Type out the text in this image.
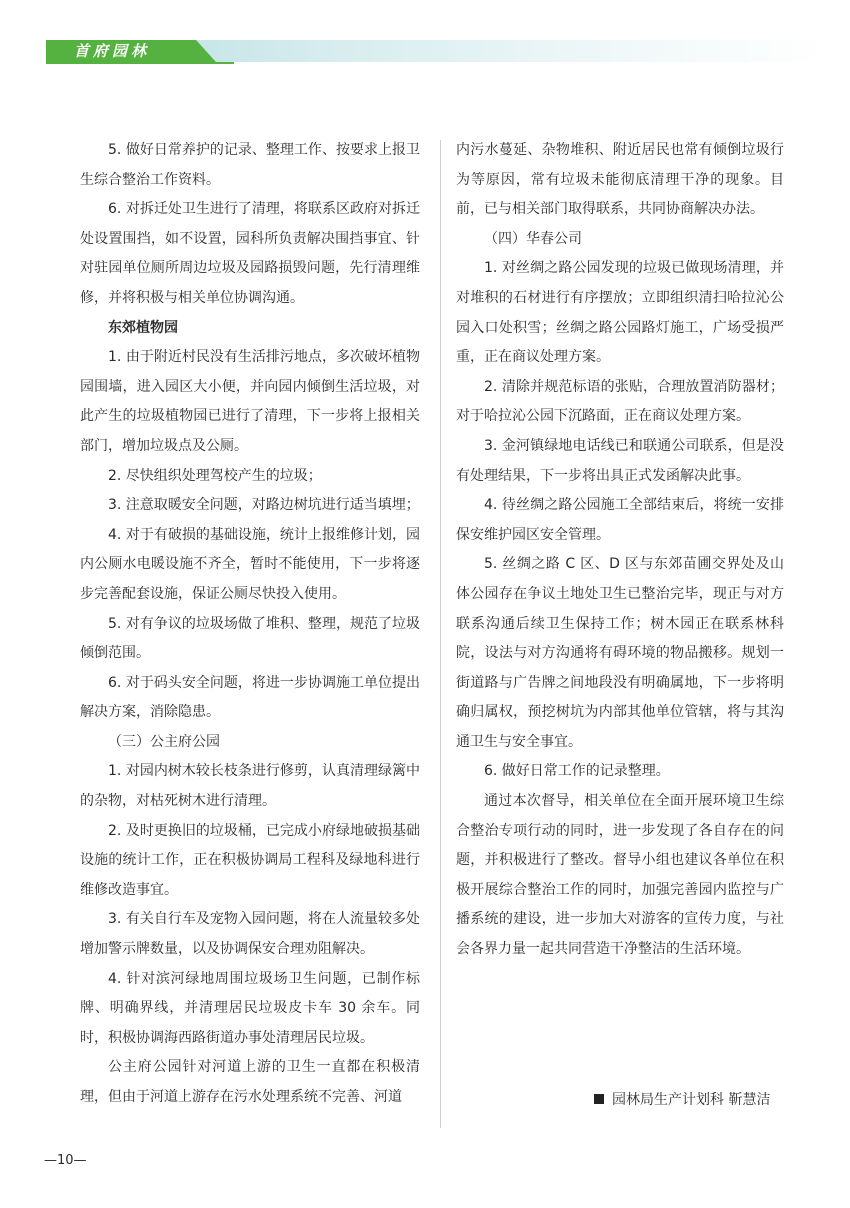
首府园林

5. 做好日常养护的记录、整理工作、按要求上报卫生综合整治工作资料。

6. 对拆迁处卫生进行了清理，将联系区政府对拆迁处设置围挡，如不设置，园科所负责解决围挡事宜、针对驻园单位厕所周边垃圾及园路损毁问题，先行清理维修，并将积极与相关单位协调沟通。

东郊植物园

1. 由于附近村民没有生活排污地点，多次破坏植物园围墙，进入园区大小便，并向园内倾倒生活垃圾，对此产生的垃圾植物园已进行了清理，下一步将上报相关部门，增加垃圾点及公厕。

2. 尽快组织处理驾校产生的垃圾；

3. 注意取暖安全问题，对路边树坑进行适当填埋；

4. 对于有破损的基础设施，统计上报维修计划，园内公厕水电暖设施不齐全，暂时不能使用，下一步将逐步完善配套设施，保证公厕尽快投入使用。

5. 对有争议的垃圾场做了堆积、整理，规范了垃圾倾倒范围。

6. 对于码头安全问题，将进一步协调施工单位提出解决方案，消除隐患。

（三）公主府公园

1. 对园内树木较长枝条进行修剪，认真清理绿篱中的杂物，对枯死树木进行清理。

2. 及时更换旧的垃圾桶，已完成小府绿地破损基础设施的统计工作，正在积极协调局工程科及绿地科进行维修改造事宜。

3. 有关自行车及宠物入园问题，将在人流量较多处增加警示牌数量，以及协调保安合理劝阻解决。

4. 针对滨河绿地周围垃圾场卫生问题，已制作标牌、明确界线，并清理居民垃圾皮卡车 30 余车。同时，积极协调海西路街道办事处清理居民垃圾。

公主府公园针对河道上游的卫生一直都在积极清理，但由于河道上游存在污水处理系统不完善、河道

内污水蔓延、杂物堆积、附近居民也常有倾倒垃圾行为等原因，常有垃圾未能彻底清理干净的现象。目前，已与相关部门取得联系，共同协商解决办法。

（四）华春公司

1. 对丝绸之路公园发现的垃圾已做现场清理，并对堆积的石材进行有序摆放；立即组织清扫哈拉沁公园入口处积雪；丝绸之路公园路灯施工，广场受损严重，正在商议处理方案。

2. 清除并规范标语的张贴，合理放置消防器材；对于哈拉沁公园下沉路面，正在商议处理方案。

3. 金河镇绿地电话线已和联通公司联系，但是没有处理结果，下一步将出具正式发函解决此事。

4. 待丝绸之路公园施工全部结束后，将统一安排保安维护园区安全管理。

5. 丝绸之路 C 区、D 区与东郊苗圃交界处及山体公园存在争议土地处卫生已整治完毕，现正与对方联系沟通后续卫生保持工作；树木园正在联系林科院，设法与对方沟通将有碍环境的物品搬移。规划一街道路与广告牌之间地段没有明确属地，下一步将明确归属权，预挖树坑为内部其他单位管辖，将与其沟通卫生与安全事宜。

6. 做好日常工作的记录整理。

通过本次督导，相关单位在全面开展环境卫生综合整治专项行动的同时，进一步发现了各自存在的问题，并积极进行了整改。督导小组也建议各单位在积极开展综合整治工作的同时，加强完善园内监控与广播系统的建设，进一步加大对游客的宣传力度，与社会各界力量一起共同营造干净整洁的生活环境。

园林局生产计划科 靳慧洁
—10—
